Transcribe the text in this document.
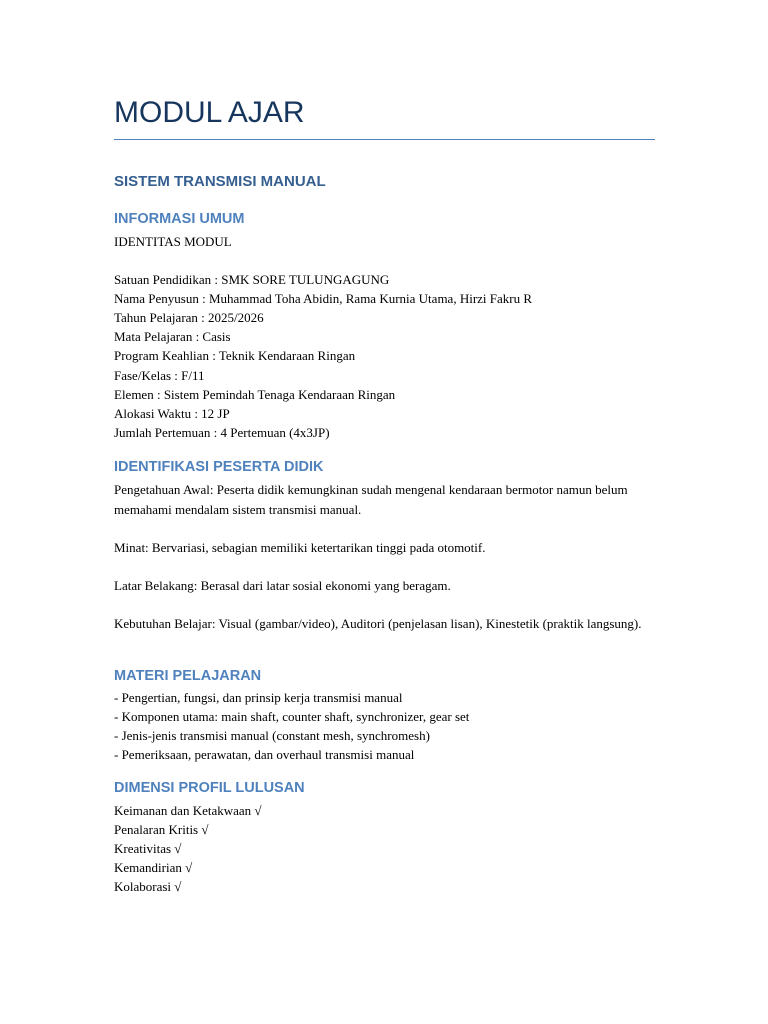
MODUL AJAR
SISTEM TRANSMISI MANUAL
INFORMASI UMUM

IDENTITAS MODUL

Satuan Pendidikan : SMK SORE TULUNGAGUNG

Nama Penyusun : Muhammad Toha Abidin, Rama Kurnia Utama, Hirzi Fakru R

Tahun Pelajaran : 2025/2026

Mata Pelajaran : Casis

Program Keahlian : Teknik Kendaraan Ringan

Fase/Kelas : F/11

Elemen : Sistem Pemindah Tenaga Kendaraan Ringan

Alokasi Waktu : 12 JP

Jumlah Pertemuan : 4 Pertemuan (4x3JP)

IDENTIFIKASI PESERTA DIDIK

Pengetahuan Awal: Peserta didik kemungkinan sudah mengenal kendaraan bermotor namun belum memahami mendalam sistem transmisi manual.

Minat: Bervariasi, sebagian memiliki ketertarikan tinggi pada otomotif.

Latar Belakang: Berasal dari latar sosial ekonomi yang beragam.

Kebutuhan Belajar: Visual (gambar/video), Auditori (penjelasan lisan), Kinestetik (praktik langsung).

MATERI PELAJARAN

- Pengertian, fungsi, dan prinsip kerja transmisi manual

- Komponen utama: main shaft, counter shaft, synchronizer, gear set

- Jenis-jenis transmisi manual (constant mesh, synchromesh)

- Pemeriksaan, perawatan, dan overhaul transmisi manual

DIMENSI PROFIL LULUSAN

Keimanan dan Ketakwaan √

Penalaran Kritis √

Kreativitas √

Kemandirian √

Kolaborasi √
